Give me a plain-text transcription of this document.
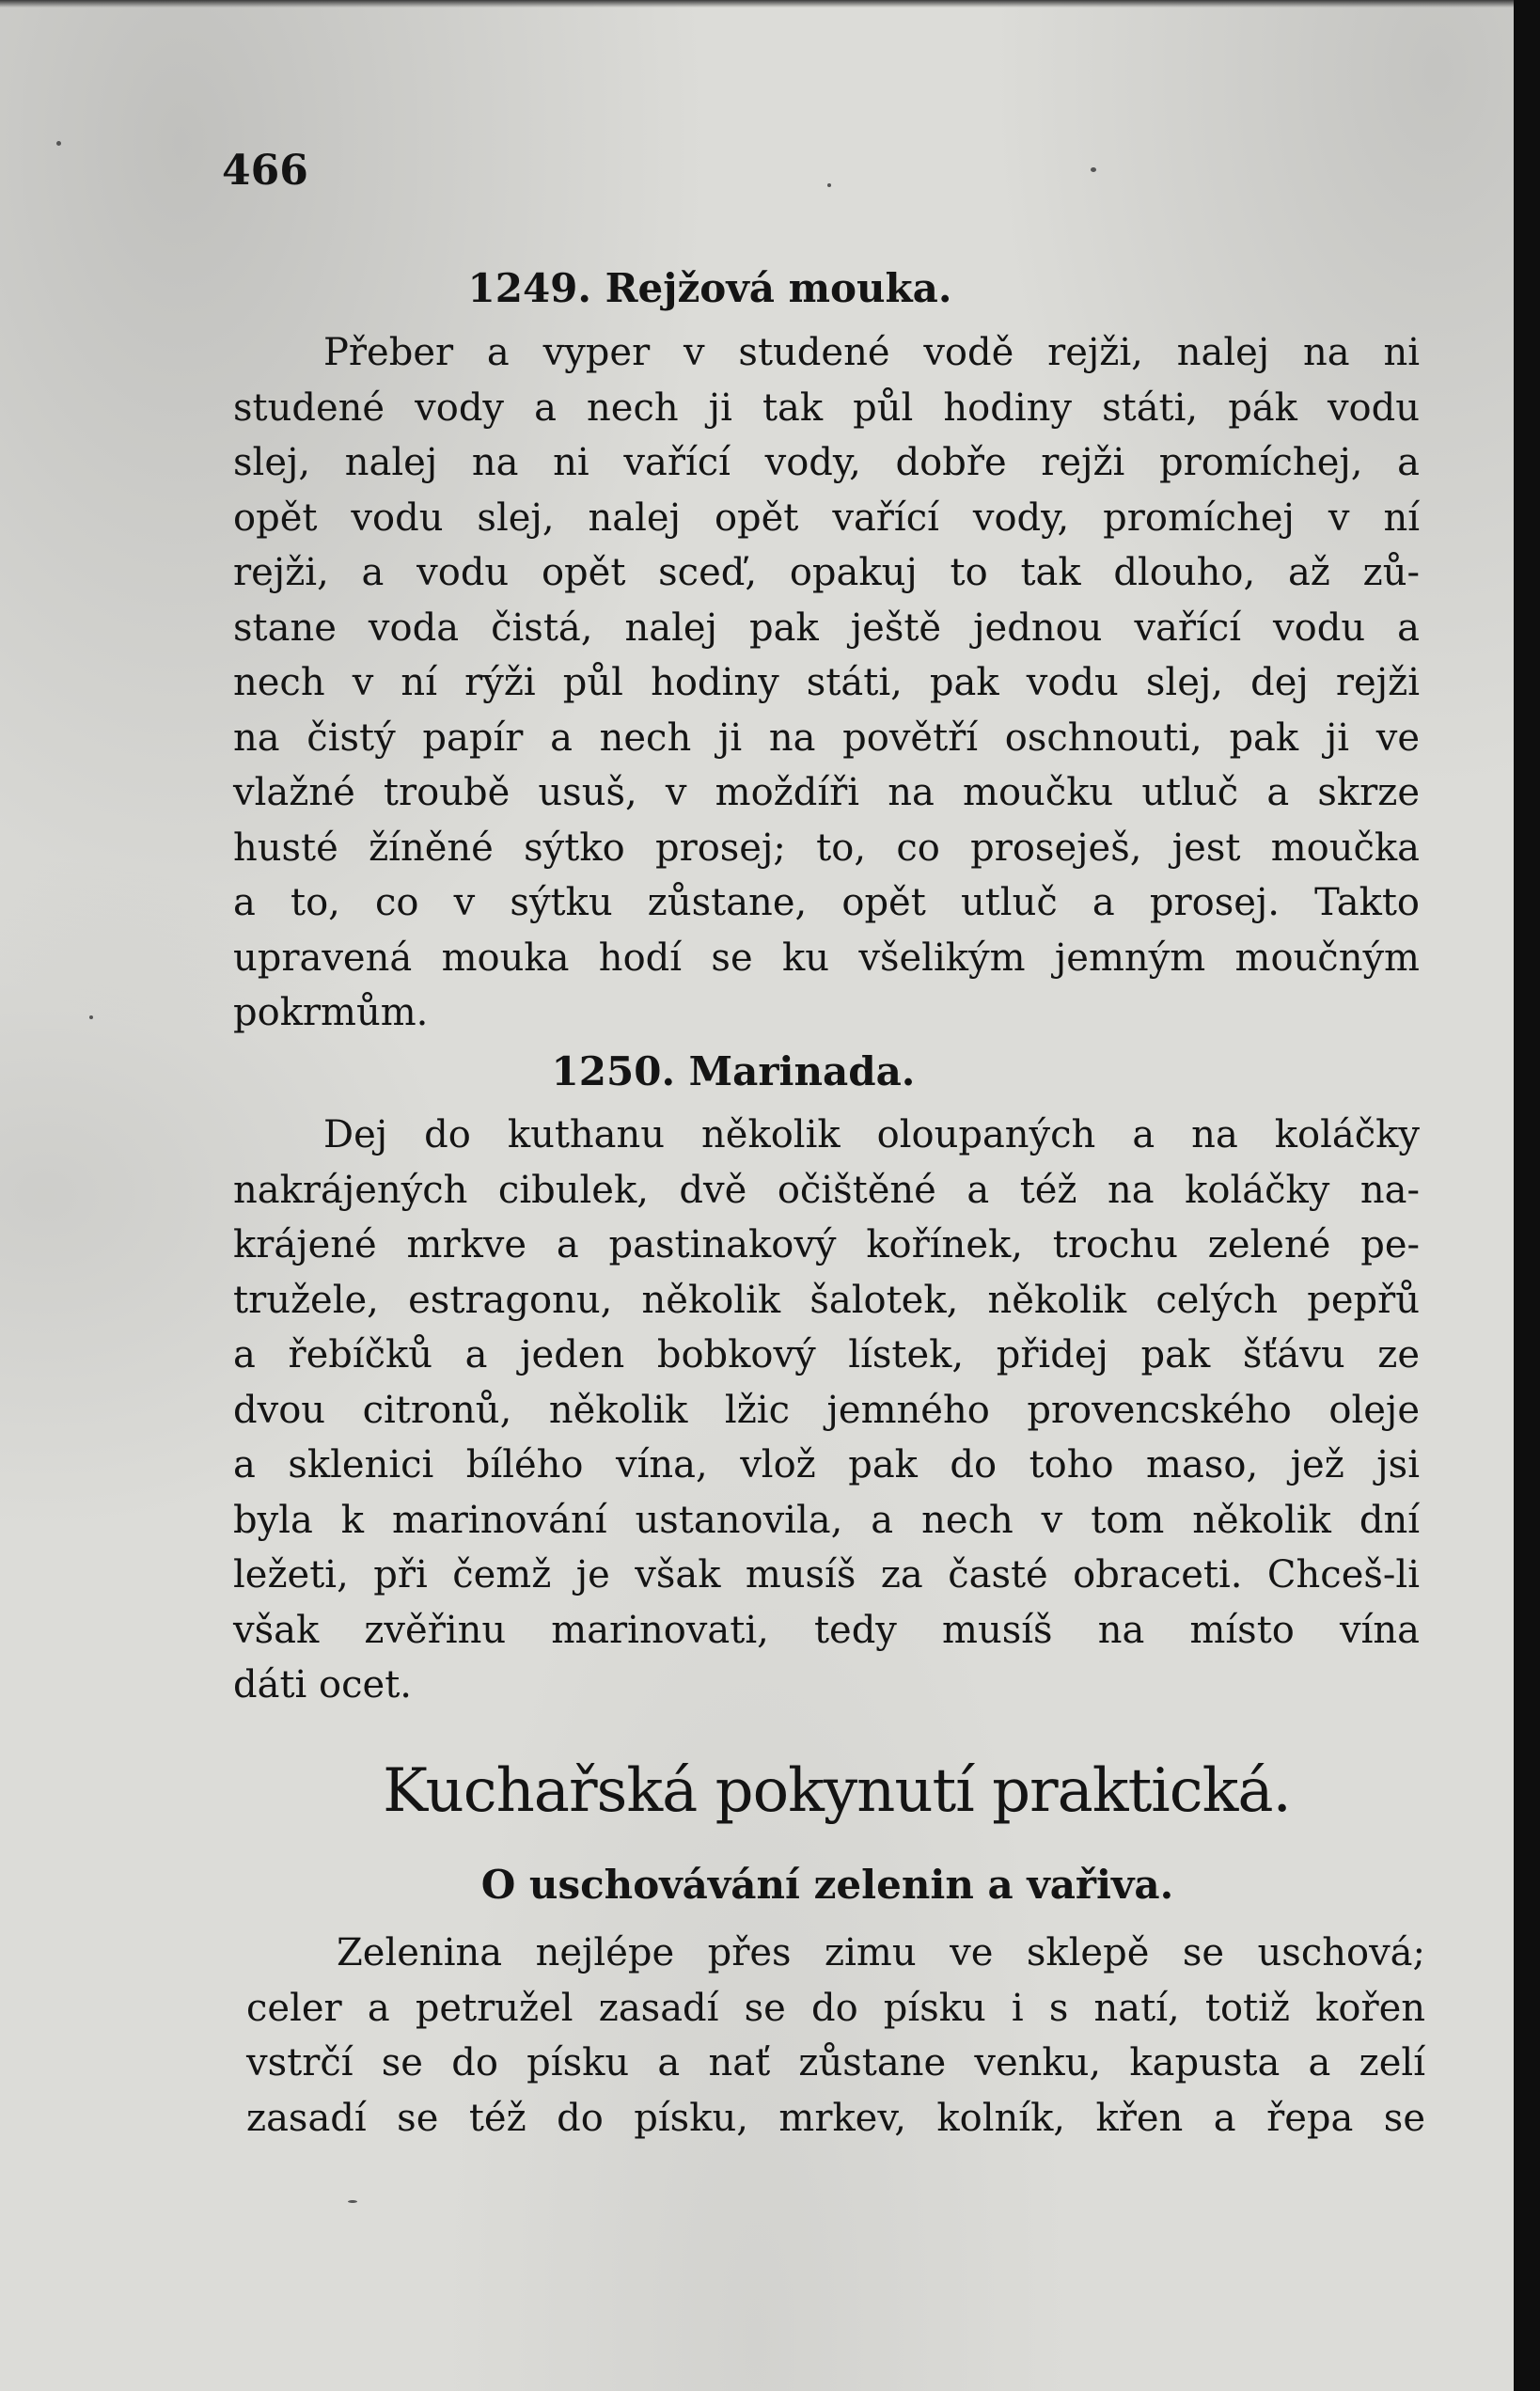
466
1249. Rejžová mouka.
Přeber a vyper v studené vodě rejži, nalej na ni
studené vody a nech ji tak půl hodiny státi, pák vodu
slej, nalej na ni vařící vody, dobře rejži promíchej, a
opět vodu slej, nalej opět vařící vody, promíchej v ní
rejži, a vodu opět sceď, opakuj to tak dlouho, až zů-
stane voda čistá, nalej pak ještě jednou vařící vodu a
nech v ní rýži půl hodiny státi, pak vodu slej, dej rejži
na čistý papír a nech ji na povětří oschnouti, pak ji ve
vlažné troubě usuš, v moždíři na moučku utluč a skrze
husté žíněné sýtko prosej; to, co proseješ, jest moučka
a to, co v sýtku zůstane, opět utluč a prosej. Takto
upravená mouka hodí se ku všelikým jemným moučným
pokrmům.
1250. Marinada.
Dej do kuthanu několik oloupaných a na koláčky
nakrájených cibulek, dvě očištěné a též na koláčky na-
krájené mrkve a pastinakový kořínek, trochu zelené pe-
tružele, estragonu, několik šalotek, několik celých pepřů
a řebíčků a jeden bobkový lístek, přidej pak šťávu ze
dvou citronů, několik lžic jemného provencského oleje
a sklenici bílého vína, vlož pak do toho maso, jež jsi
byla k marinování ustanovila, a nech v tom několik dní
ležeti, při čemž je však musíš za časté obraceti. Chceš-li
však zvěřinu marinovati, tedy musíš na místo vína
dáti ocet.
Kuchařská pokynutí praktická.
O uschovávání zelenin a vařiva.
Zelenina nejlépe přes zimu ve sklepě se uschová;
celer a petružel zasadí se do písku i s natí, totiž kořen
vstrčí se do písku a nať zůstane venku, kapusta a zelí
zasadí se též do písku, mrkev, kolník, křen a řepa se
